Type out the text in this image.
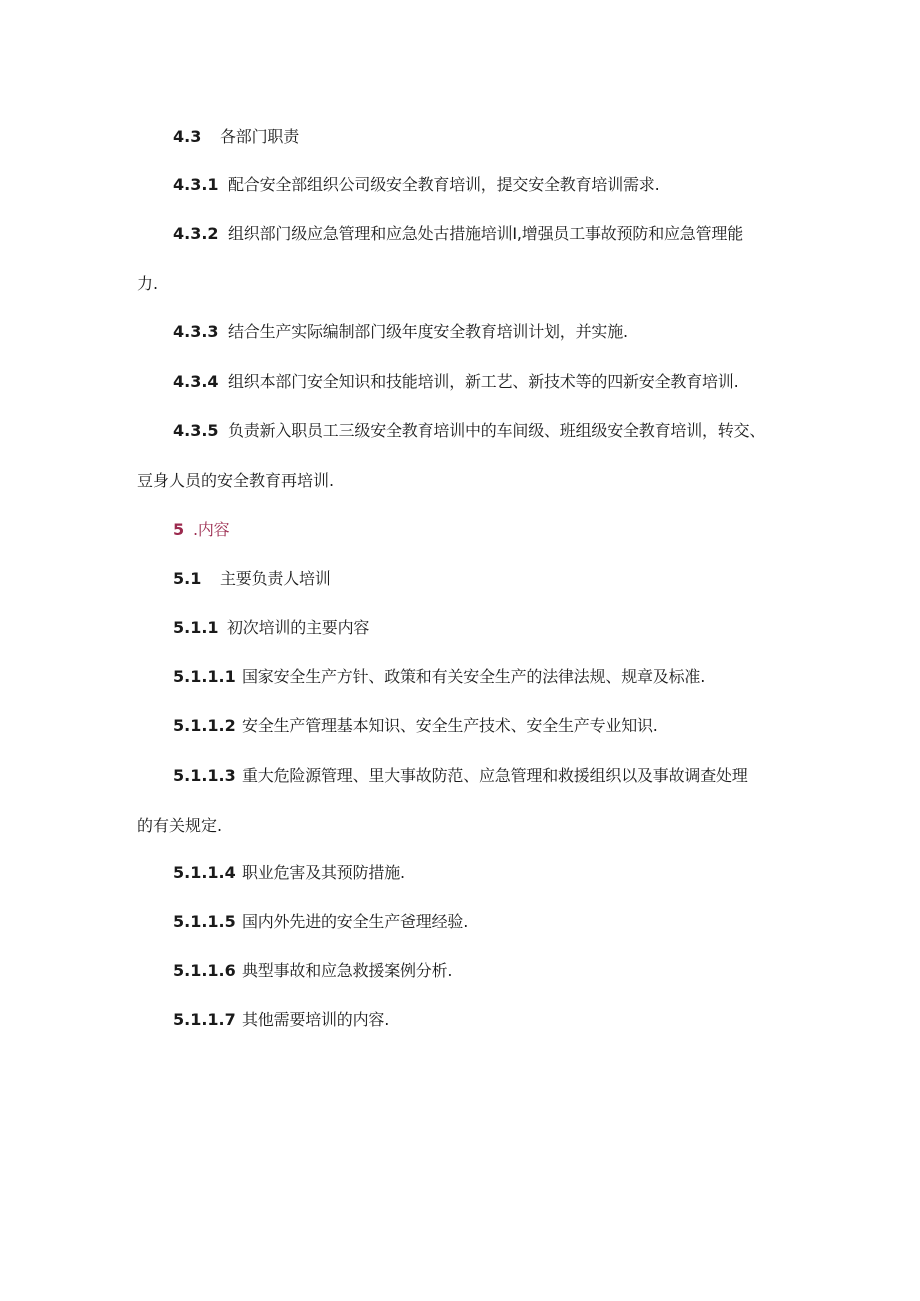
4.3 各部门职责
4.3.1 配合安全部组织公司级安全教育培训，提交安全教育培训需求.
4.3.2 组织部门级应急管理和应急处古措施培训I,增强员工事故预防和应急管理能
力.
4.3.3 结合生产实际编制部门级年度安全教育培训计划，并实施.
4.3.4 组织本部门安全知识和技能培训，新工艺、新技术等的四新安全教育培训.
4.3.5 负责新入职员工三级安全教育培训中的车间级、班组级安全教育培训，转交、
豆身人员的安全教育再培训.
5 .内容
5.1 主要负责人培训
5.1.1 初次培训的主要内容
5.1.1.1 国家安全生产方针、政策和有关安全生产的法律法规、规章及标准.
5.1.1.2 安全生产管理基本知识、安全生产技术、安全生产专业知识.
5.1.1.3 重大危险源管理、里大事故防范、应急管理和救援组织以及事故调查处理
的有关规定.
5.1.1.4 职业危害及其预防措施.
5.1.1.5 国内外先进的安全生产爸理经验.
5.1.1.6 典型事故和应急救援案例分析.
5.1.1.7 其他需要培训的内容.
